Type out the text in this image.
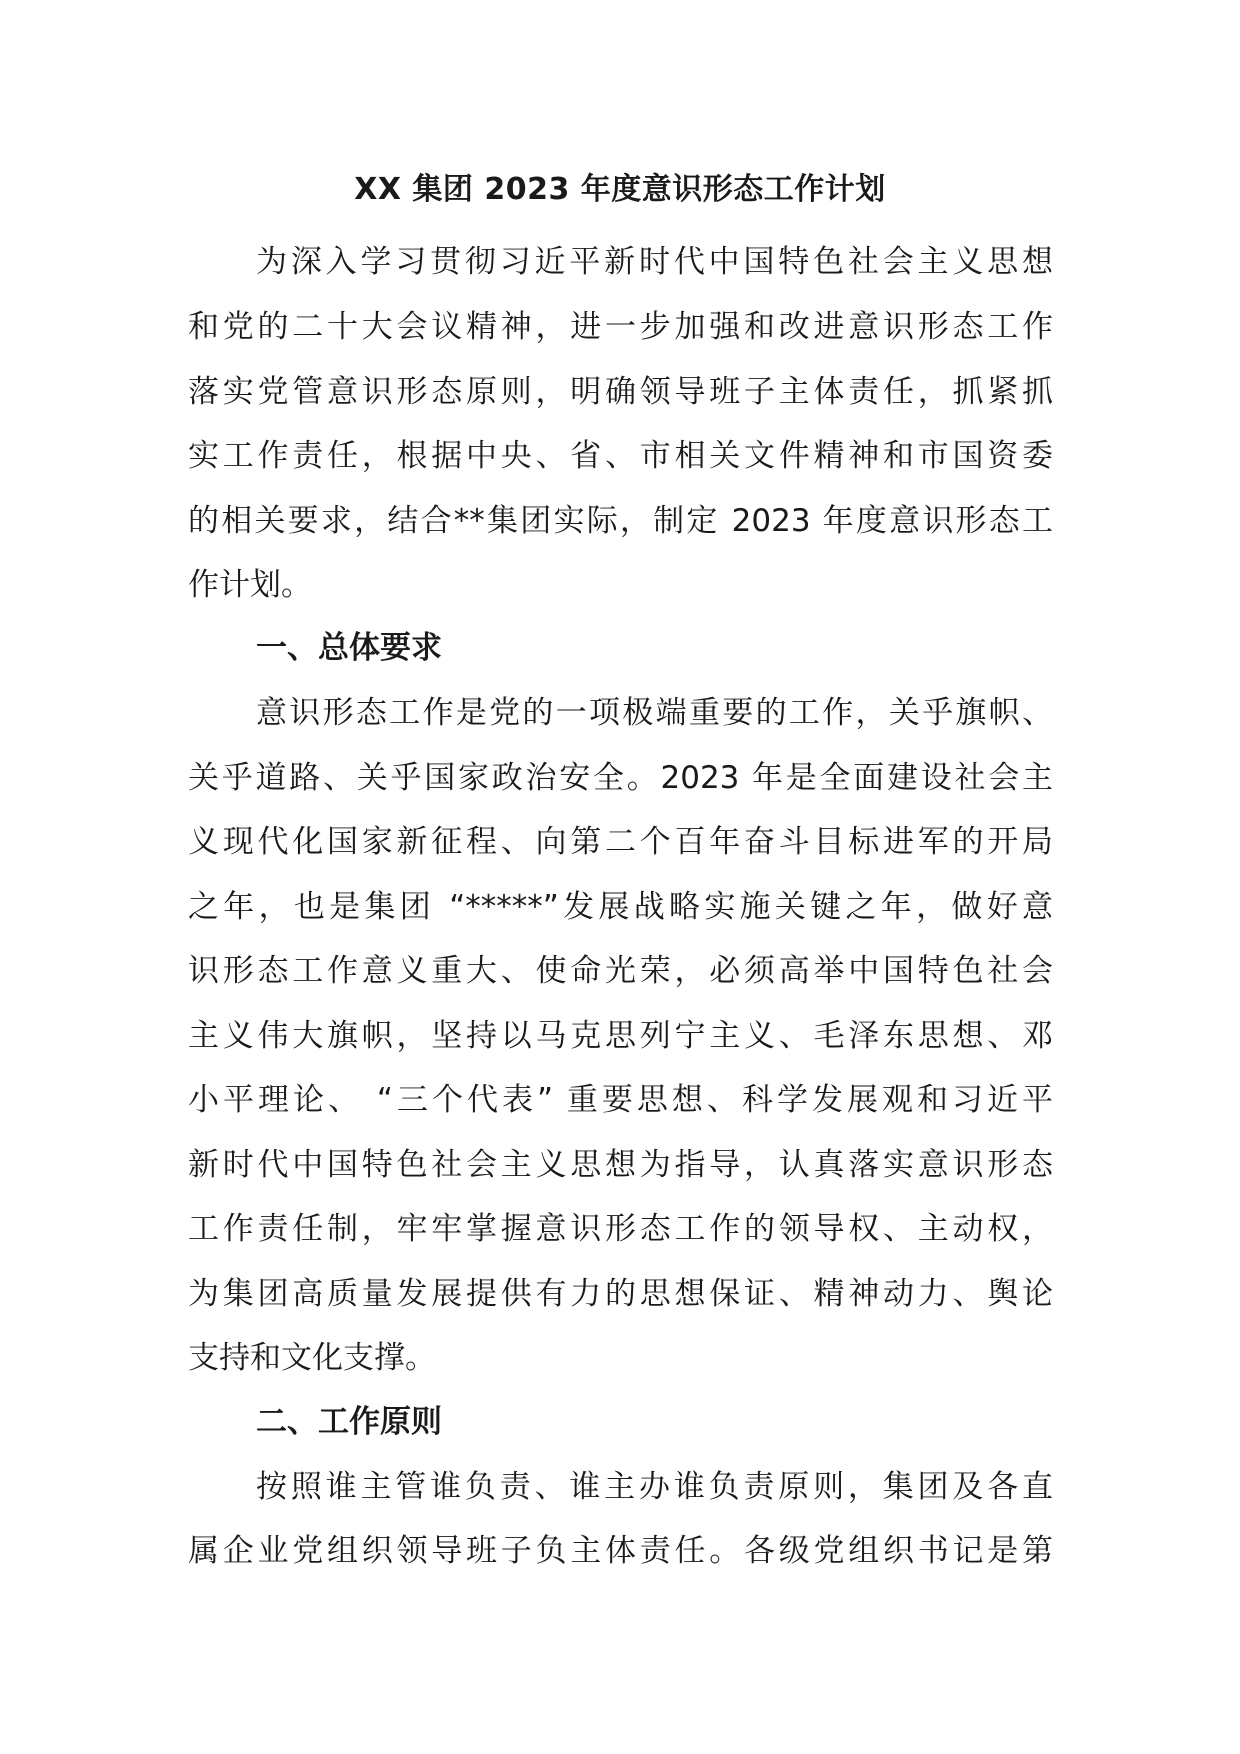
XX 集团 2023 年度意识形态工作计划
为深入学习贯彻习近平新时代中国特色社会主义思想
和党的二十大会议精神，进一步加强和改进意识形态工作
落实党管意识形态原则，明确领导班子主体责任，抓紧抓
实工作责任，根据中央、省、市相关文件精神和市国资委
的相关要求，结合**集团实际，制定 2023 年度意识形态工
作计划。
一、总体要求
意识形态工作是党的一项极端重要的工作，关乎旗帜、
关乎道路、关乎国家政治安全。2023 年是全面建设社会主
义现代化国家新征程、向第二个百年奋斗目标进军的开局
之年，也是集团 “*****”发展战略实施关键之年，做好意
识形态工作意义重大、使命光荣，必须高举中国特色社会
主义伟大旗帜，坚持以马克思列宁主义、毛泽东思想、邓
小平理论、 “三个代表” 重要思想、科学发展观和习近平
新时代中国特色社会主义思想为指导，认真落实意识形态
工作责任制，牢牢掌握意识形态工作的领导权、主动权，
为集团高质量发展提供有力的思想保证、精神动力、舆论
支持和文化支撑。
二、工作原则
按照谁主管谁负责、谁主办谁负责原则，集团及各直
属企业党组织领导班子负主体责任。各级党组织书记是第
